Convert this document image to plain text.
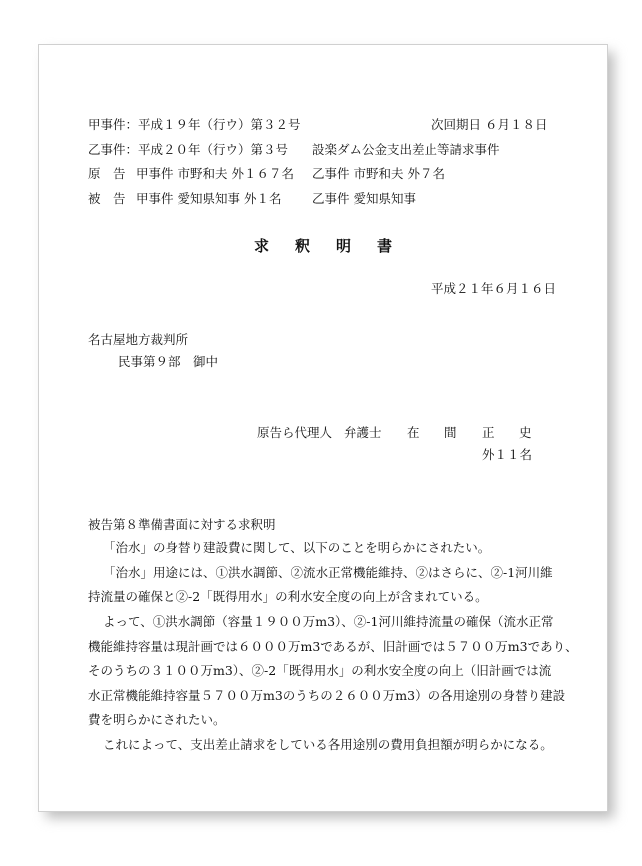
甲事件：平成１９年（行ウ）第３２号	次回期日 ６月１８日
乙事件：平成２０年（行ウ）第３号 設楽ダム公金支出差止等請求事件
原　告 甲事件 市野和夫 外１６７名 乙事件 市野和夫 外７名
被　告 甲事件 愛知県知事 外１名 乙事件 愛知県知事
求釈明書
平成２１年６月１６日
名古屋地方裁判所
民事第９部　御中
原告ら代理人 弁護士 在 間 正 史
外１１名
被告第８準備書面に対する求釈明
「治水」の身替り建設費に関して、以下のことを明らかにされたい。
「治水」用途には、①洪水調節、②流水正常機能維持、②はさらに、②-1河川維
持流量の確保と②-2「既得用水」の利水安全度の向上が含まれている。
よって、①洪水調節（容量１９００万m3）、②-1河川維持流量の確保（流水正常
機能維持容量は現計画では６０００万m3であるが、旧計画では５７００万m3であり、
そのうちの３１００万m3）、②-2「既得用水」の利水安全度の向上（旧計画では流
水正常機能維持容量５７００万m3のうちの２６００万m3）の各用途別の身替り建設
費を明らかにされたい。
これによって、支出差止請求をしている各用途別の費用負担額が明らかになる。
